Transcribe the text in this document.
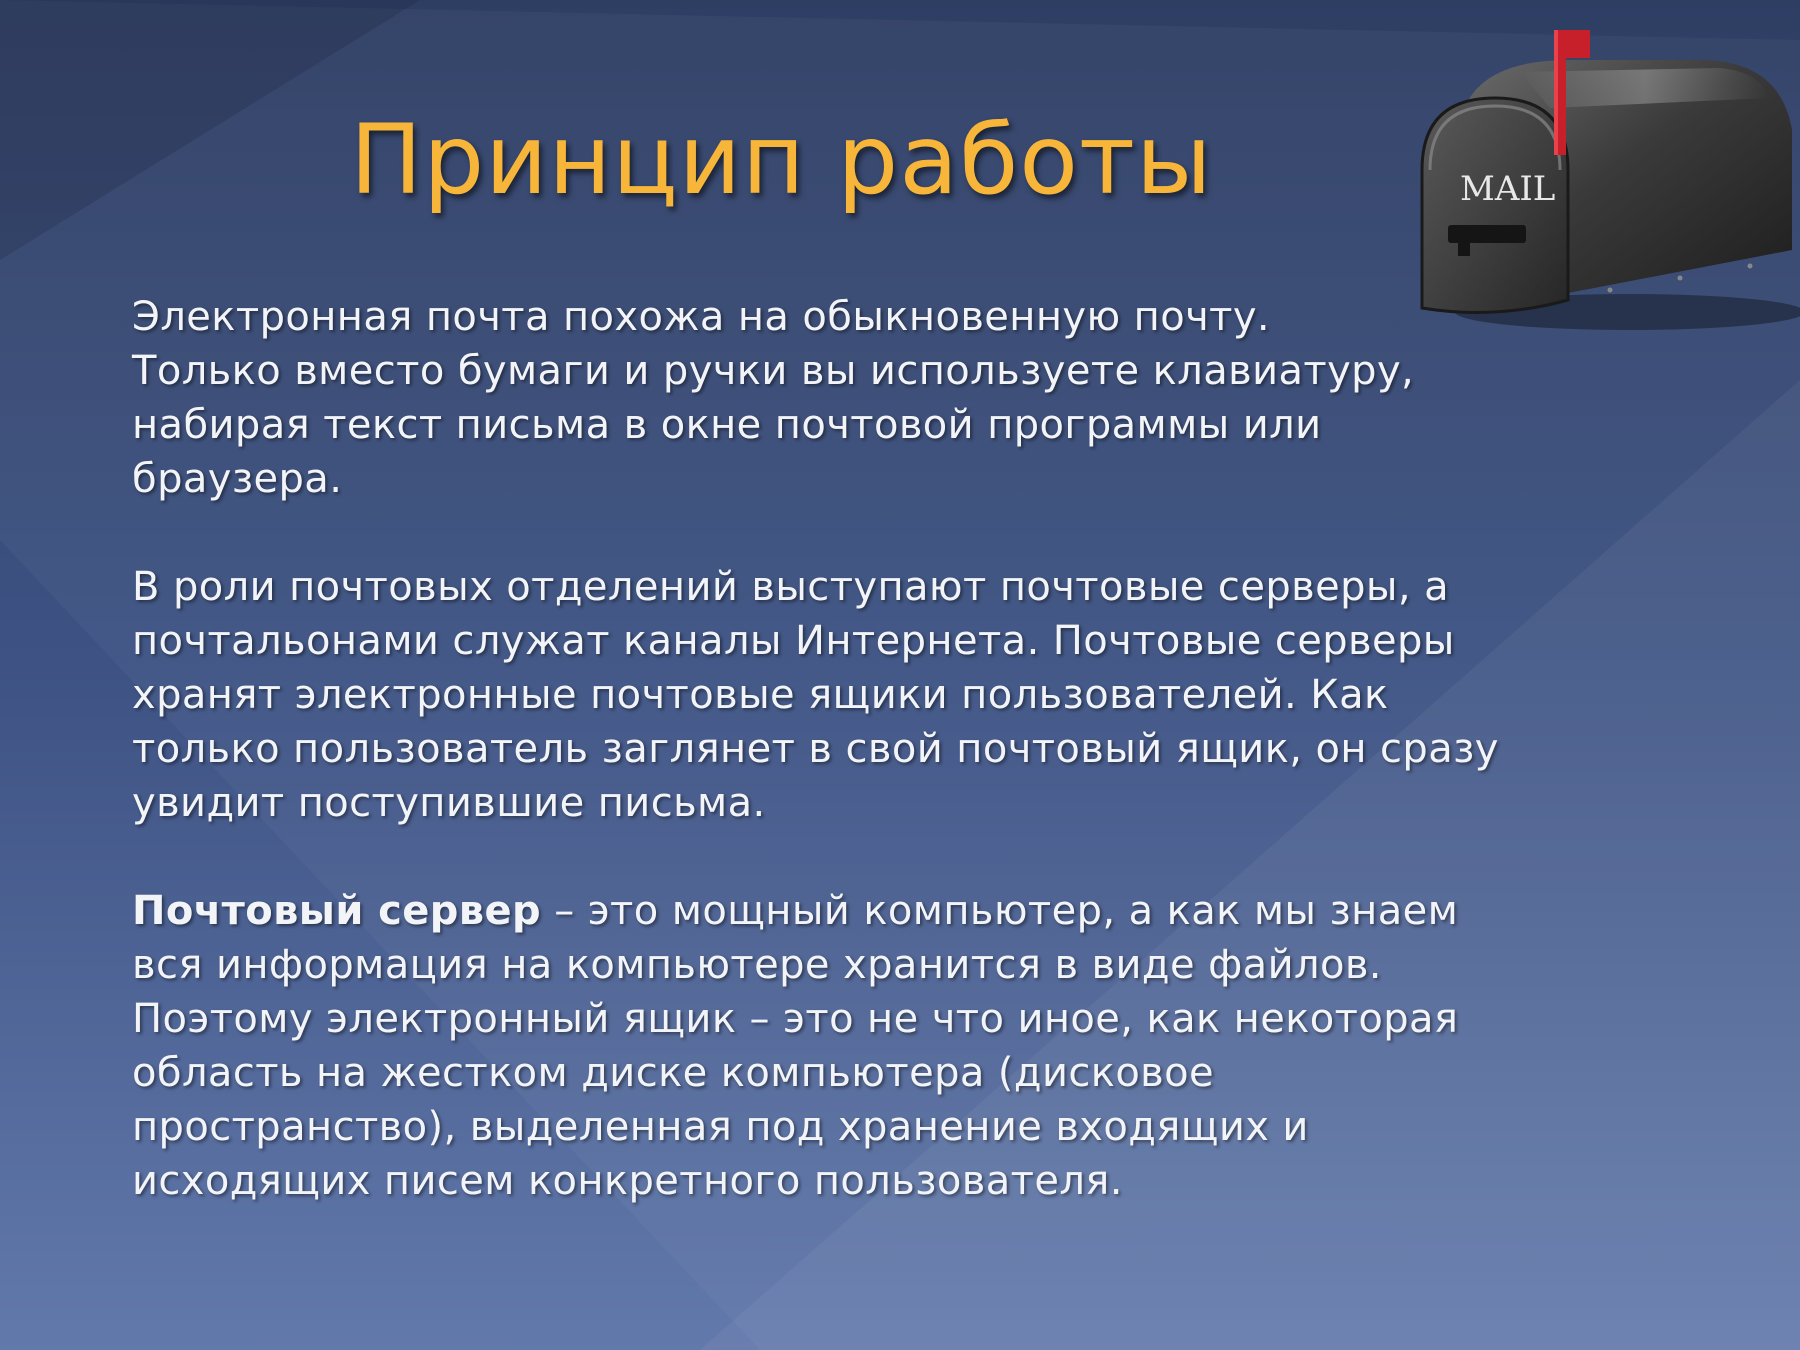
Принцип работы	MAIL

Электронная почта похожа на обыкновенную почту.
Только вместо бумаги и ручки вы используете клавиатуру,
набирая текст письма в окне почтовой программы или
браузера.

В роли почтовых отделений выступают почтовые серверы, а
почтальонами служат каналы Интернета. Почтовые серверы
хранят электронные почтовые ящики пользователей. Как
только пользователь заглянет в свой почтовый ящик, он сразу
увидит поступившие письма.

Почтовый сервер – это мощный компьютер, а как мы знаем
вся информация на компьютере хранится в виде файлов.
Поэтому электронный ящик – это не что иное, как некоторая
область на жестком диске компьютера (дисковое
пространство), выделенная под хранение входящих и
исходящих писем конкретного пользователя.
